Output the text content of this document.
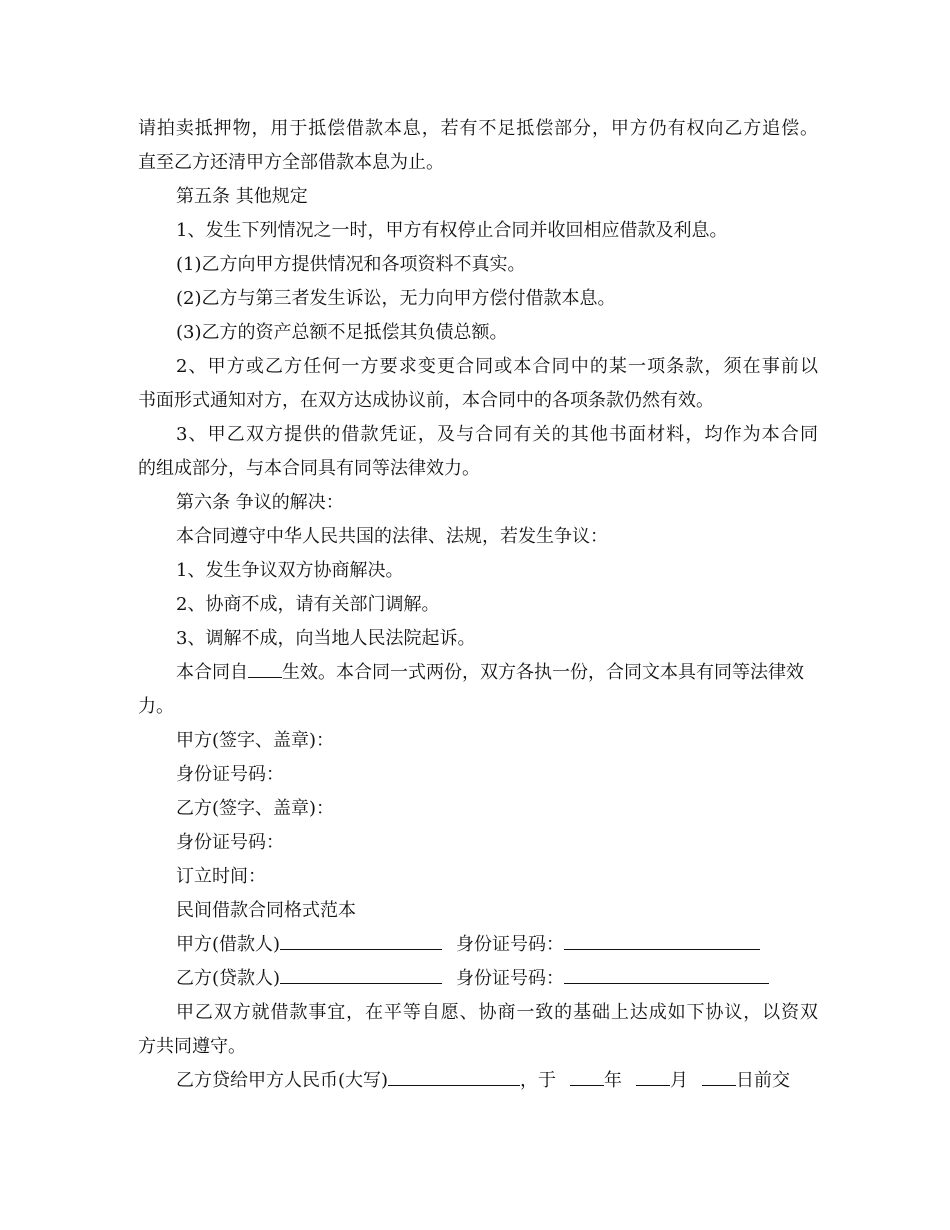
请拍卖抵押物，用于抵偿借款本息，若有不足抵偿部分，甲方仍有权向乙方追偿。
直至乙方还清甲方全部借款本息为止。
第五条 其他规定
1、发生下列情况之一时，甲方有权停止合同并收回相应借款及利息。
(1)乙方向甲方提供情况和各项资料不真实。
(2)乙方与第三者发生诉讼，无力向甲方偿付借款本息。
(3)乙方的资产总额不足抵偿其负债总额。
2、甲方或乙方任何一方要求变更合同或本合同中的某一项条款，须在事前以
书面形式通知对方，在双方达成协议前，本合同中的各项条款仍然有效。
3、甲乙双方提供的借款凭证，及与合同有关的其他书面材料，均作为本合同
的组成部分，与本合同具有同等法律效力。
第六条 争议的解决：
本合同遵守中华人民共国的法律、法规，若发生争议：
1、发生争议双方协商解决。
2、协商不成，请有关部门调解。
3、调解不成，向当地人民法院起诉。
本合同自 生效。本合同一式两份，双方各执一份，合同文本具有同等法律效
力。
甲方(签字、盖章)：
身份证号码：
乙方(签字、盖章)：
身份证号码：
订立时间：
民间借款合同格式范本
甲方(借款人)	身份证号码：
乙方(贷款人)	身份证号码：
甲乙双方就借款事宜，在平等自愿、协商一致的基础上达成如下协议，以资双
方共同遵守。
乙方贷给甲方人民币(大写)	，于	年	月	日前交
